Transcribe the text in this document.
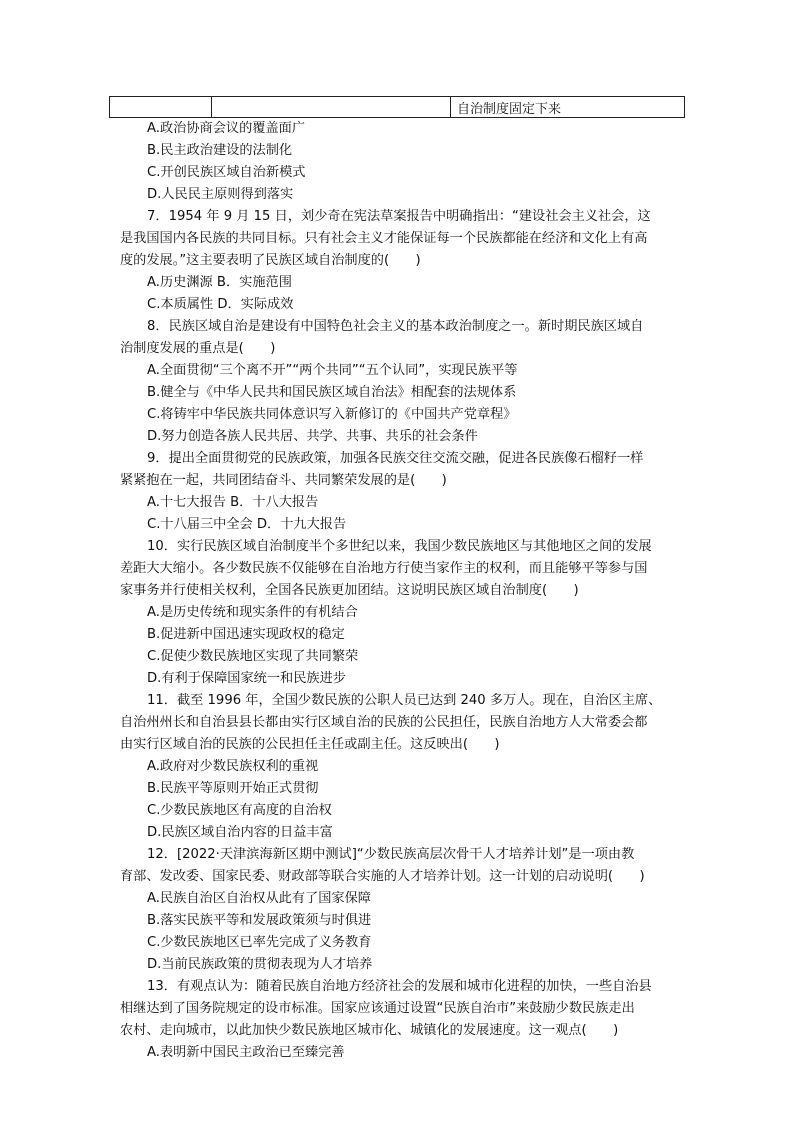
		自治制度固定下来
A.政治协商会议的覆盖面广
B.民主政治建设的法制化
C.开创民族区域自治新模式
D.人民民主原则得到落实
7．1954 年 9 月 15 日，刘少奇在宪法草案报告中明确指出：“建设社会主义社会，这
是我国国内各民族的共同目标。只有社会主义才能保证每一个民族都能在经济和文化上有高
度的发展。”这主要表明了民族区域自治制度的(　　)
A.历史渊源 B．实施范围
C.本质属性 D．实际成效
8．民族区域自治是建设有中国特色社会主义的基本政治制度之一。新时期民族区域自
治制度发展的重点是(　　)
A.全面贯彻“三个离不开”“两个共同”“五个认同”，实现民族平等
B.健全与《中华人民共和国民族区域自治法》相配套的法规体系
C.将铸牢中华民族共同体意识写入新修订的《中国共产党章程》
D.努力创造各族人民共居、共学、共事、共乐的社会条件
9．提出全面贯彻党的民族政策，加强各民族交往交流交融，促进各民族像石榴籽一样
紧紧抱在一起，共同团结奋斗、共同繁荣发展的是(　　)
A.十七大报告 B．十八大报告
C.十八届三中全会 D．十九大报告
10．实行民族区域自治制度半个多世纪以来，我国少数民族地区与其他地区之间的发展
差距大大缩小。各少数民族不仅能够在自治地方行使当家作主的权利，而且能够平等参与国
家事务并行使相关权利，全国各民族更加团结。这说明民族区域自治制度(　　)
A.是历史传统和现实条件的有机结合
B.促进新中国迅速实现政权的稳定
C.促使少数民族地区实现了共同繁荣
D.有利于保障国家统一和民族进步
11．截至 1996 年，全国少数民族的公职人员已达到 240 多万人。现在，自治区主席、
自治州州长和自治县县长都由实行区域自治的民族的公民担任，民族自治地方人大常委会都
由实行区域自治的民族的公民担任主任或副主任。这反映出(　　)
A.政府对少数民族权利的重视
B.民族平等原则开始正式贯彻
C.少数民族地区有高度的自治权
D.民族区域自治内容的日益丰富
12．[2022·天津滨海新区期中测试]“少数民族高层次骨干人才培养计划”是一项由教
育部、发改委、国家民委、财政部等联合实施的人才培养计划。这一计划的启动说明(　　)
A.民族自治区自治权从此有了国家保障
B.落实民族平等和发展政策须与时俱进
C.少数民族地区已率先完成了义务教育
D.当前民族政策的贯彻表现为人才培养
13．有观点认为：随着民族自治地方经济社会的发展和城市化进程的加快，一些自治县
相继达到了国务院规定的设市标准。国家应该通过设置“民族自治市”来鼓励少数民族走出
农村、走向城市，以此加快少数民族地区城市化、城镇化的发展速度。这一观点(　　)
A.表明新中国民主政治已至臻完善
